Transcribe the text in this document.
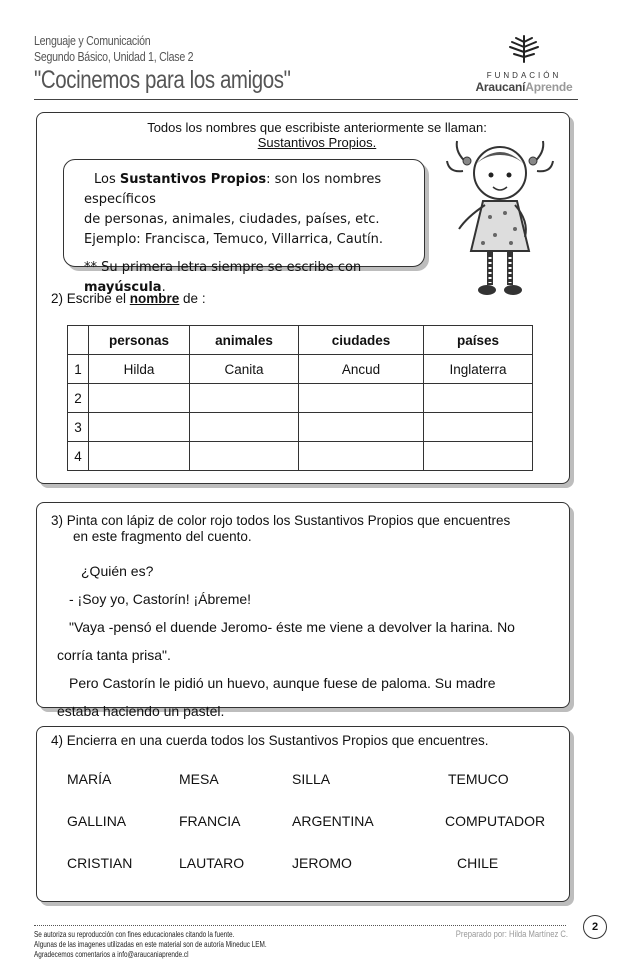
Lenguaje y Comunicación
Segundo Básico, Unidad 1, Clase 2
"Cocinemos para los amigos"	FUNDACIÓN
AraucaníAprende
Todos los nombres que escribiste anteriormente se llaman:
Sustantivos Propios.

Los Sustantivos Propios: son los nombres específicos

de personas, animales, ciudades, países, etc.

Ejemplo: Francisca, Temuco, Villarrica, Cautín.

** Su primera letra siempre se escribe con mayúscula.

2) Escribe el nombre de :
	personas	animales	ciudades	países
1	Hilda	Canita	Ancud	Inglaterra
2				
3				
4				
3) Pinta con lápiz de color rojo todos los Sustantivos Propios que encuentres
en este fragmento del cuento.

¿Quién es?

- ¡Soy yo, Castorín! ¡Ábreme!

"Vaya -pensó el duende Jeromo- éste me viene a devolver la harina. No

corría tanta prisa".

Pero Castorín le pidió un huevo, aunque fuese de paloma. Su madre

estaba haciendo un pastel.

4) Encierra en una cuerda todos los Sustantivos Propios que encuentres.
MARÍA	MESA	SILLA	TEMUCO
GALLINA	FRANCIA	ARGENTINA	COMPUTADOR
CRISTIAN	LAUTARO	JEROMO	CHILE
Se autoriza su reproducción con fines educacionales citando la fuente.
Algunas de las imagenes utilizadas en este material son de autoría Mineduc LEM.
Agradecemos comentarios a info@araucaniaprende.cl
Preparado por: Hilda Martínez C.
2
